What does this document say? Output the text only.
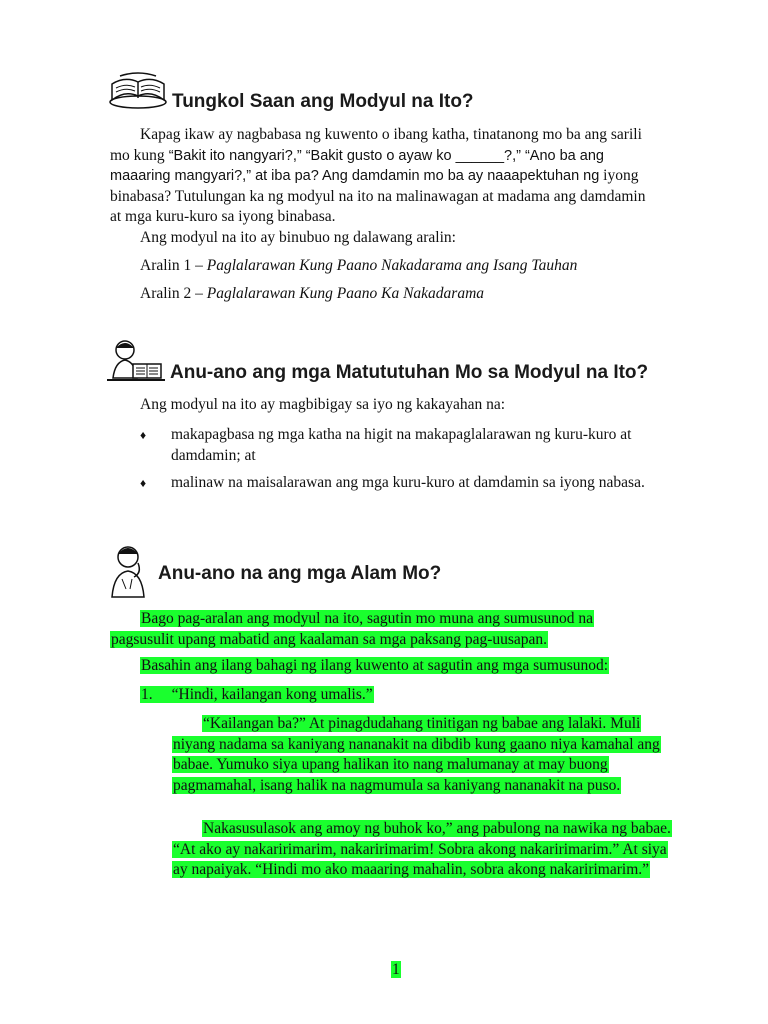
Tungkol Saan ang Modyul na Ito?

Kapag ikaw ay nagbabasa ng kuwento o ibang katha, tinatanong mo ba ang sarili mo kung “Bakit ito nangyari?,” “Bakit gusto o ayaw ko ______?,” “Ano ba ang maaaring mangyari?,” at iba pa? Ang damdamin mo ba ay naaapektuhan ng iyong binabasa? Tutulungan ka ng modyul na ito na malinawagan at madama ang damdamin at mga kuru-kuro sa iyong binabasa.

Ang modyul na ito ay binubuo ng dalawang aralin:

Aralin 1 – Paglalarawan Kung Paano Nakadarama ang Isang Tauhan

Aralin 2 – Paglalarawan Kung Paano Ka Nakadarama

Anu-ano ang mga Matututuhan Mo sa Modyul na Ito?

Ang modyul na ito ay magbibigay sa iyo ng kakayahan na:

♦	makapagbasa ng mga katha na higit na makapaglalarawan ng kuru-kuro at damdamin; at

♦	malinaw na maisalarawan ang mga kuru-kuro at damdamin sa iyong nabasa.

Anu-ano na ang mga Alam Mo?

Bago pag-aralan ang modyul na ito, sagutin mo muna ang sumusunod na pagsusulit upang mabatid ang kaalaman sa mga paksang pag-uusapan.

Basahin ang ilang bahagi ng ilang kuwento at sagutin ang mga sumusunod:

1. “Hindi, kailangan kong umalis.”

“Kailangan ba?” At pinagdudahang tinitigan ng babae ang lalaki. Muli niyang nadama sa kaniyang nananakit na dibdib kung gaano niya kamahal ang babae. Yumuko siya upang halikan ito nang malumanay at may buong pagmamahal, isang halik na nagmumula sa kaniyang nananakit na puso.

Nakasusulasok ang amoy ng buhok ko,” ang pabulong na nawika ng babae. “At ako ay nakaririmarim, nakaririmarim! Sobra akong nakaririmarim.” At siya ay napaiyak. “Hindi mo ako maaaring mahalin, sobra akong nakaririmarim.”

1
